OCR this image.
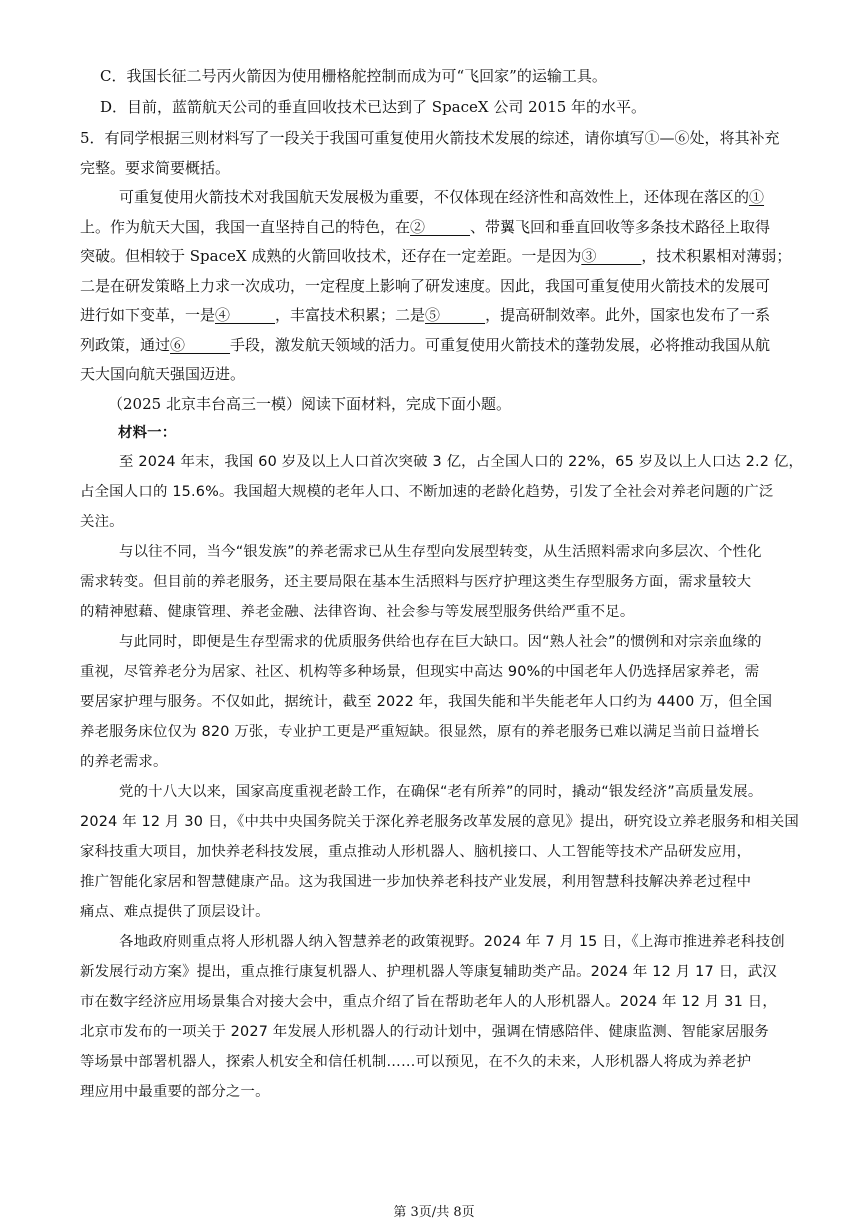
C．我国长征二号丙火箭因为使用栅格舵控制而成为可“飞回家”的运输工具。
D．目前，蓝箭航天公司的垂直回收技术已达到了 SpaceX 公司 2015 年的水平。
5．有同学根据三则材料写了一段关于我国可重复使用火箭技术发展的综述，请你填写①—⑥处，将其补充
完整。要求简要概括。
可重复使用火箭技术对我国航天发展极为重要，不仅体现在经济性和高效性上，还体现在落区的①
上。作为航天大国，我国一直坚持自己的特色，在②______、带翼飞回和垂直回收等多条技术路径上取得
突破。但相较于 SpaceX 成熟的火箭回收技术，还存在一定差距。一是因为③______，技术积累相对薄弱；
二是在研发策略上力求一次成功，一定程度上影响了研发速度。因此，我国可重复使用火箭技术的发展可
进行如下变革，一是④______，丰富技术积累；二是⑤______，提高研制效率。此外，国家也发布了一系
列政策，通过⑥______手段，激发航天领域的活力。可重复使用火箭技术的蓬勃发展，必将推动我国从航
天大国向航天强国迈进。
（2025 北京丰台高三一模）阅读下面材料，完成下面小题。
材料一：
至 2024 年末，我国 60 岁及以上人口首次突破 3 亿，占全国人口的 22%，65 岁及以上人口达 2.2 亿，
占全国人口的 15.6%。我国超大规模的老年人口、不断加速的老龄化趋势，引发了全社会对养老问题的广泛
关注。
与以往不同，当今“银发族”的养老需求已从生存型向发展型转变，从生活照料需求向多层次、个性化
需求转变。但目前的养老服务，还主要局限在基本生活照料与医疗护理这类生存型服务方面，需求量较大
的精神慰藉、健康管理、养老金融、法律咨询、社会参与等发展型服务供给严重不足。
与此同时，即便是生存型需求的优质服务供给也存在巨大缺口。因“熟人社会”的惯例和对宗亲血缘的
重视，尽管养老分为居家、社区、机构等多种场景，但现实中高达 90%的中国老年人仍选择居家养老，需
要居家护理与服务。不仅如此，据统计，截至 2022 年，我国失能和半失能老年人口约为 4400 万，但全国
养老服务床位仅为 820 万张，专业护工更是严重短缺。很显然，原有的养老服务已难以满足当前日益增长
的养老需求。
党的十八大以来，国家高度重视老龄工作，在确保“老有所养”的同时，撬动“银发经济”高质量发展。
2024 年 12 月 30 日，《中共中央国务院关于深化养老服务改革发展的意见》提出，研究设立养老服务和相关国
家科技重大项目，加快养老科技发展，重点推动人形机器人、脑机接口、人工智能等技术产品研发应用，
推广智能化家居和智慧健康产品。这为我国进一步加快养老科技产业发展，利用智慧科技解决养老过程中
痛点、难点提供了顶层设计。
各地政府则重点将人形机器人纳入智慧养老的政策视野。2024 年 7 月 15 日，《上海市推进养老科技创
新发展行动方案》提出，重点推行康复机器人、护理机器人等康复辅助类产品。2024 年 12 月 17 日，武汉
市在数字经济应用场景集合对接大会中，重点介绍了旨在帮助老年人的人形机器人。2024 年 12 月 31 日，
北京市发布的一项关于 2027 年发展人形机器人的行动计划中，强调在情感陪伴、健康监测、智能家居服务
等场景中部署机器人，探索人机安全和信任机制……可以预见，在不久的未来，人形机器人将成为养老护
理应用中最重要的部分之一。
第 3页/共 8页
